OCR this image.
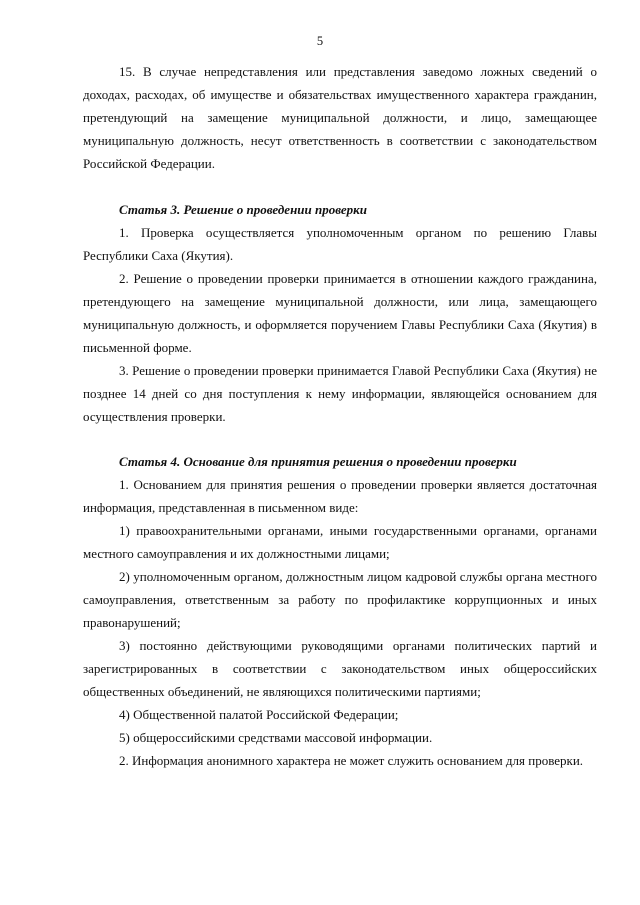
5

15. В случае непредставления или представления заведомо ложных сведений о доходах, расходах, об имуществе и обязательствах имущественного характера гражданин, претендующий на замещение муниципальной должности, и лицо, замещающее муниципальную должность, несут ответственность в соответствии с законодательством Российской Федерации.

Статья 3. Решение о проведении проверки

1. Проверка осуществляется уполномоченным органом по решению Главы Республики Саха (Якутия).

2. Решение о проведении проверки принимается в отношении каждого гражданина, претендующего на замещение муниципальной должности, или лица, замещающего муниципальную должность, и оформляется поручением Главы Республики Саха (Якутия) в письменной форме.

3. Решение о проведении проверки принимается Главой Республики Саха (Якутия) не позднее 14 дней со дня поступления к нему информации, являющейся основанием для осуществления проверки.

Статья 4. Основание для принятия решения о проведении проверки

1. Основанием для принятия решения о проведении проверки является достаточная информация, представленная в письменном виде:

1) правоохранительными органами, иными государственными органами, органами местного самоуправления и их должностными лицами;

2) уполномоченным органом, должностным лицом кадровой службы органа местного самоуправления, ответственным за работу по профилактике коррупционных и иных правонарушений;

3) постоянно действующими руководящими органами политических партий и зарегистрированных в соответствии с законодательством иных общероссийских общественных объединений, не являющихся политическими партиями;

4) Общественной палатой Российской Федерации;

5) общероссийскими средствами массовой информации.

2. Информация анонимного характера не может служить основанием для проверки.
